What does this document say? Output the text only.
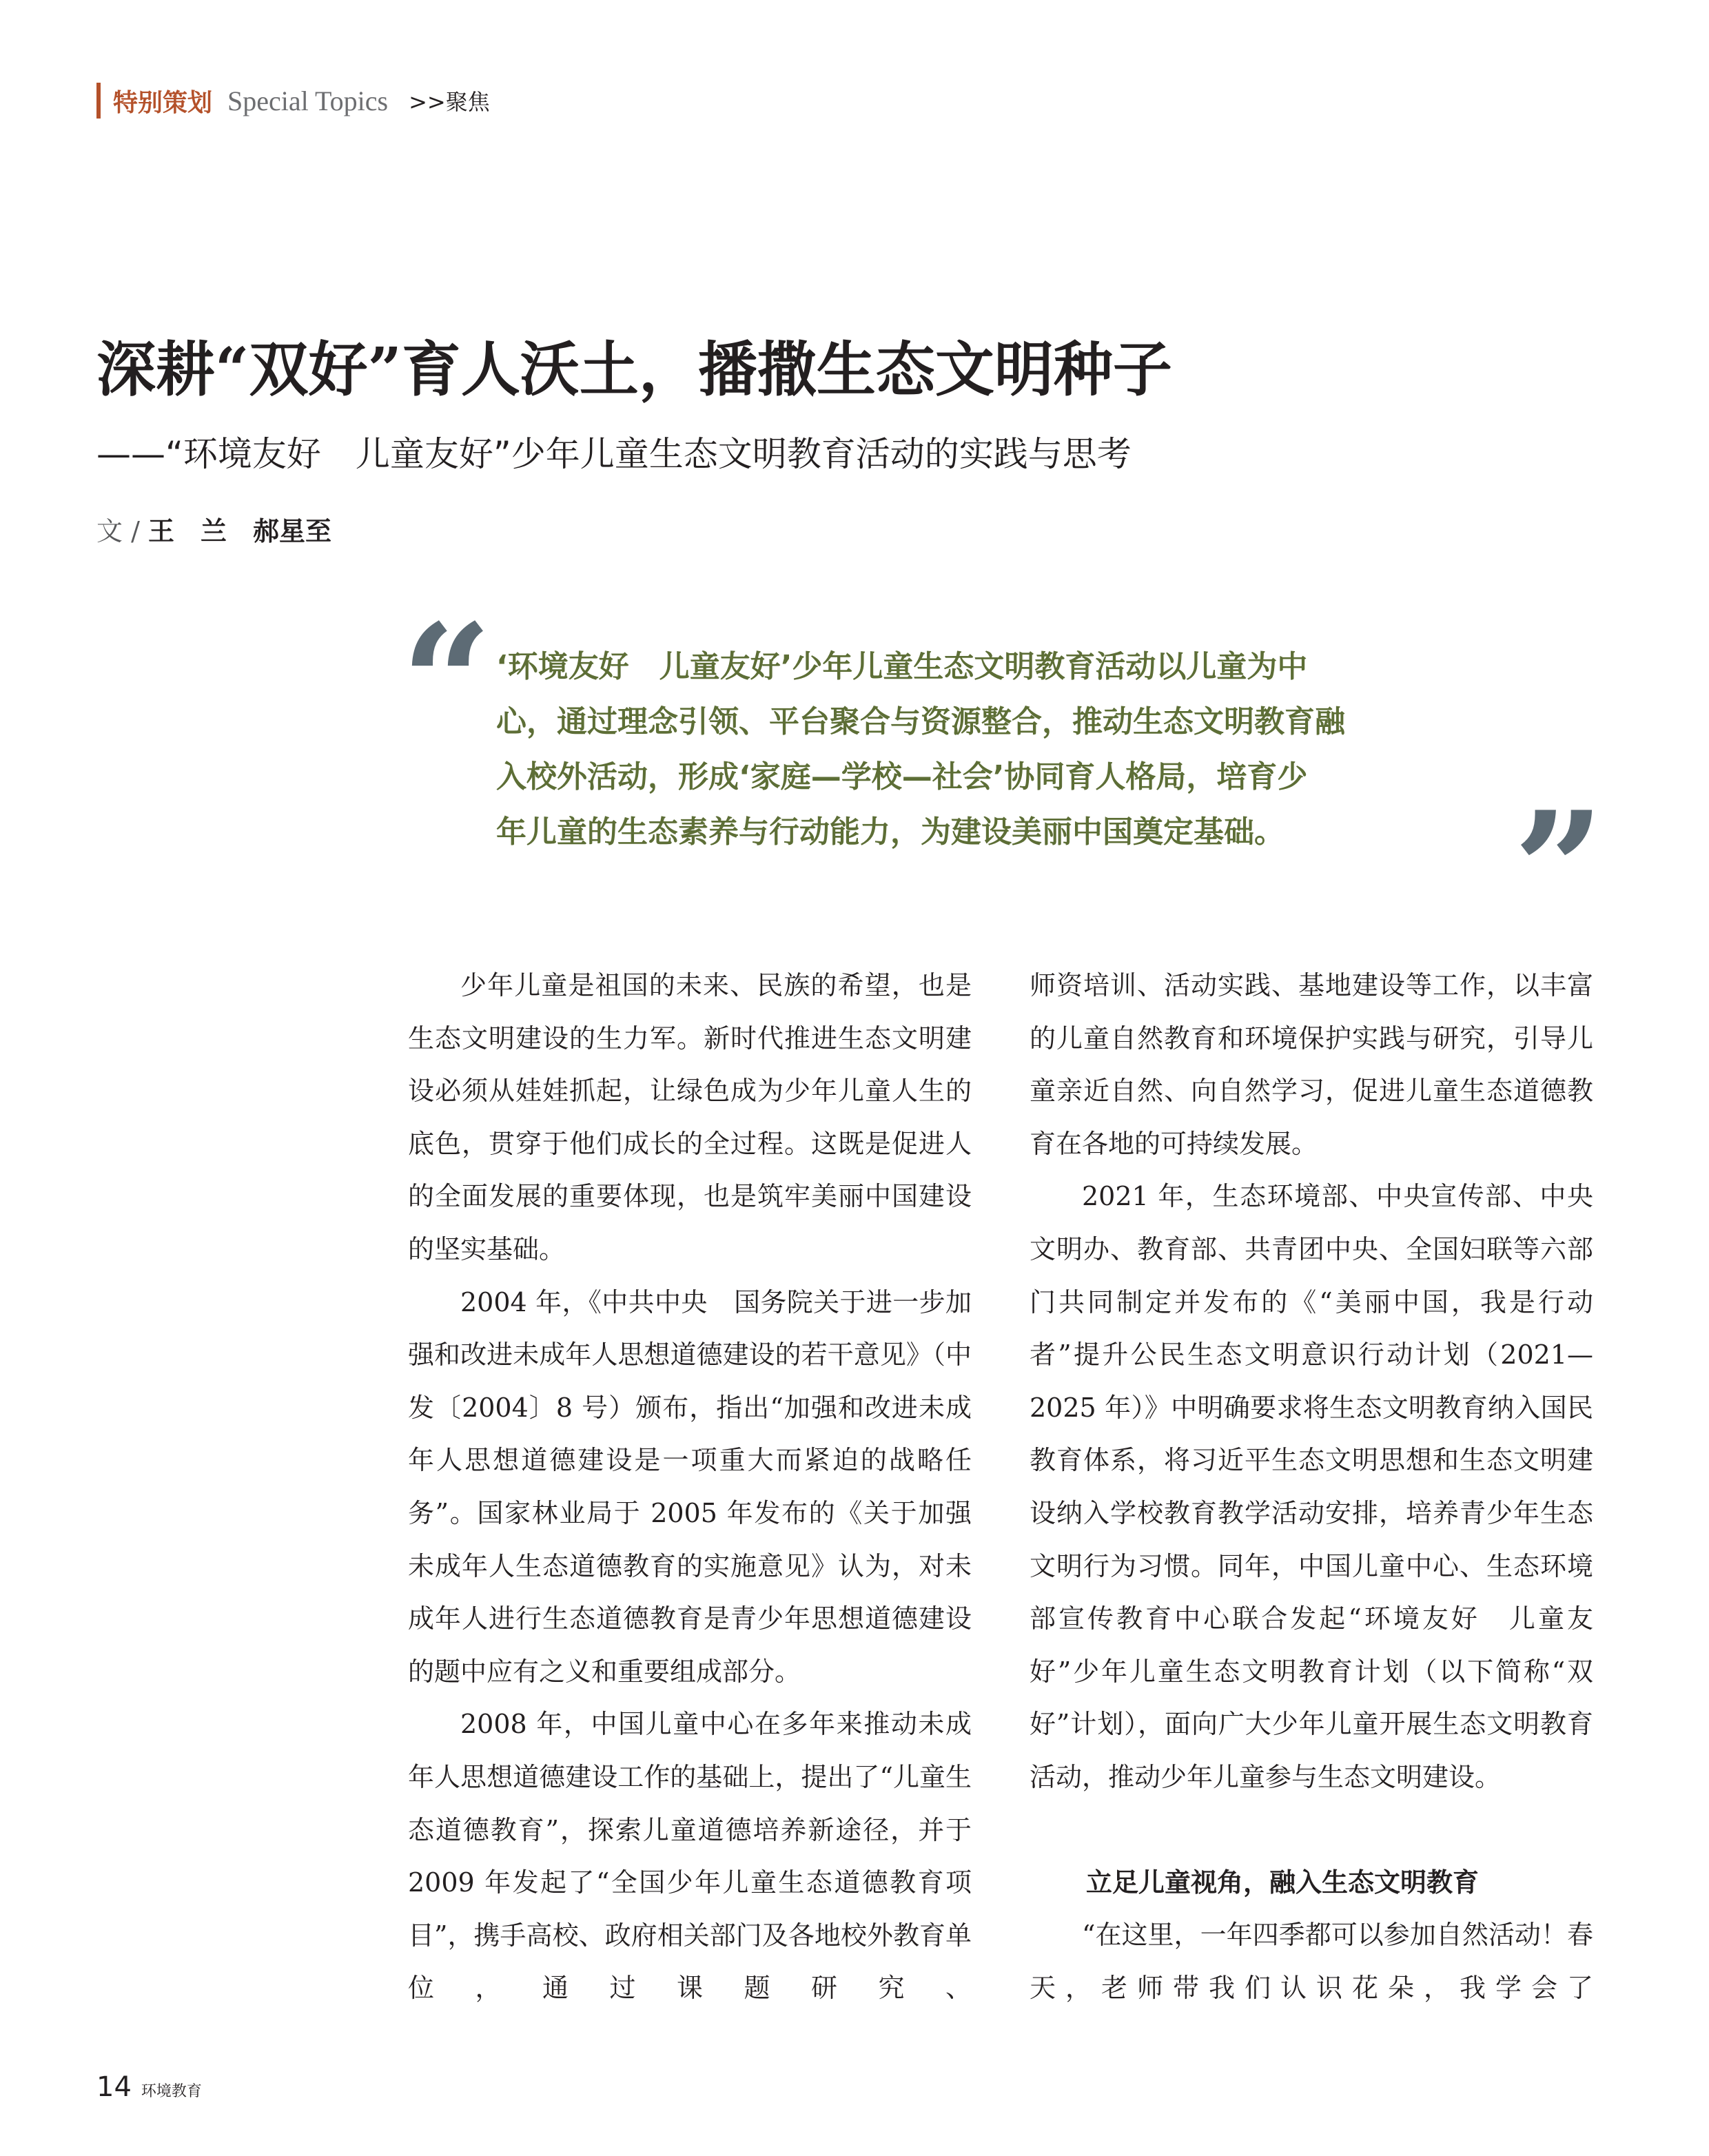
特别策划 Special Topics >>聚焦
深耕“双好”育人沃土，播撒生态文明种子
——“环境友好　儿童友好”少年儿童生态文明教育活动的实践与思考
文 / 王　兰　郝星至
“ ‘环境友好　儿童友好’少年儿童生态文明教育活动以儿童为中
心，通过理念引领、平台聚合与资源整合，推动生态文明教育融
入校外活动，形成‘家庭—学校—社会’协同育人格局，培育少
年儿童的生态素养与行动能力，为建设美丽中国奠定基础。	”

少年儿童是祖国的未来、民族的希望，也是生态文明建设的生力军。新时代推进生态文明建设必须从娃娃抓起，让绿色成为少年儿童人生的底色，贯穿于他们成长的全过程。这既是促进人的全面发展的重要体现，也是筑牢美丽中国建设的坚实基础。

2004 年，《中共中央　国务院关于进一步加强和改进未成年人思想道德建设的若干意见》（中发〔2004〕8 号）颁布，指出“加强和改进未成年人思想道德建设是一项重大而紧迫的战略任务”。国家林业局于 2005 年发布的《关于加强未成年人生态道德教育的实施意见》认为，对未成年人进行生态道德教育是青少年思想道德建设的题中应有之义和重要组成部分。

2008 年，中国儿童中心在多年来推动未成年人思想道德建设工作的基础上，提出了“儿童生态道德教育”，探索儿童道德培养新途径，并于 2009 年发起了“全国少年儿童生态道德教育项目”，携手高校、政府相关部门及各地校外教育单位，通过课题研究、

师资培训、活动实践、基地建设等工作，以丰富的儿童自然教育和环境保护实践与研究，引导儿童亲近自然、向自然学习，促进儿童生态道德教育在各地的可持续发展。

2021 年，生态环境部、中央宣传部、中央文明办、教育部、共青团中央、全国妇联等六部门共同制定并发布的《“美丽中国，我是行动者”提升公民生态文明意识行动计划（2021—2025 年）》中明确要求将生态文明教育纳入国民教育体系，将习近平生态文明思想和生态文明建设纳入学校教育教学活动安排，培养青少年生态文明行为习惯。同年，中国儿童中心、生态环境部宣传教育中心联合发起“环境友好　儿童友好”少年儿童生态文明教育计划（以下简称“双好”计划），面向广大少年儿童开展生态文明教育活动，推动少年儿童参与生态文明建设。

立足儿童视角，融入生态文明教育

“在这里，一年四季都可以参加自然活动！春天，老师带我们认识花朵，我学会了

14 环境教育
